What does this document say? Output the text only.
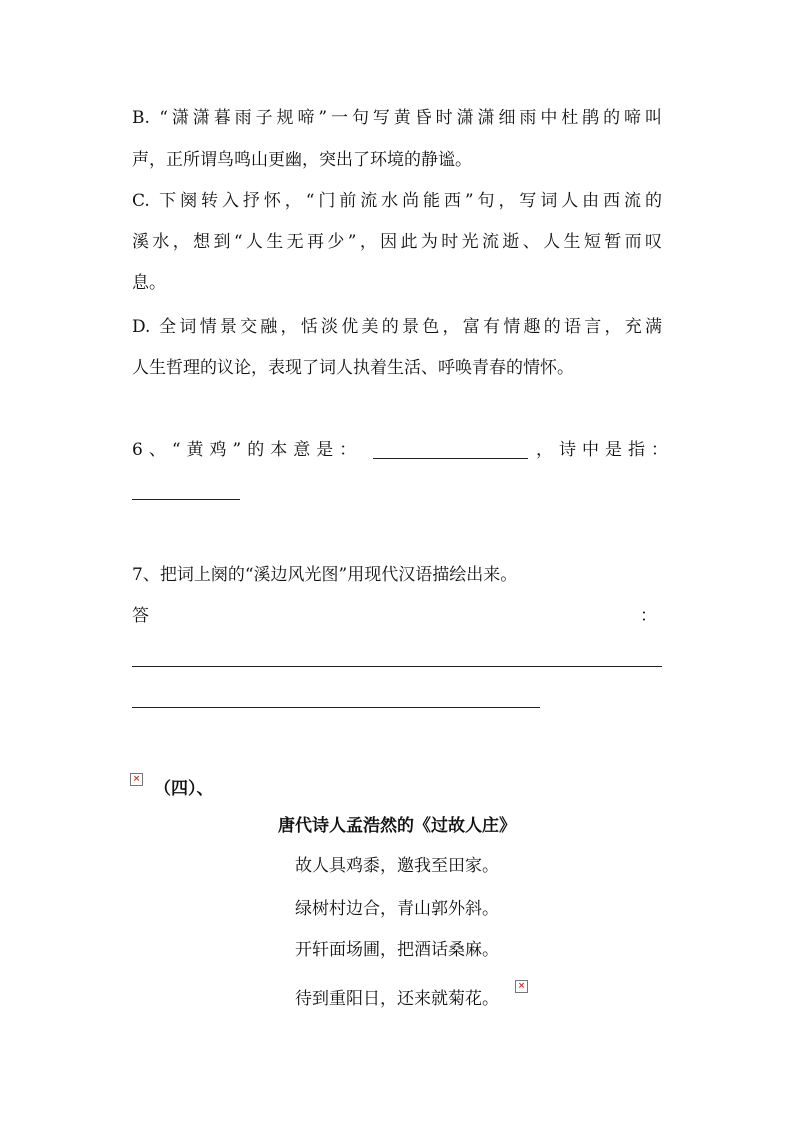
B. “潇潇暮雨子规啼”一句写黄昏时潇潇细雨中杜鹃的啼叫
声，正所谓鸟鸣山更幽，突出了环境的静谧。
C. 下阕转入抒怀，“门前流水尚能西”句，写词人由西流的
溪水，想到“人生无再少”，因此为时光流逝、人生短暂而叹
息。
D. 全词情景交融，恬淡优美的景色，富有情趣的语言，充满
人生哲理的议论，表现了词人执着生活、呼唤青春的情怀。
6、“黄鸡”的本意是：	，诗中是指：
7、把词上阕的“溪边风光图”用现代汉语描绘出来。
答	：
× （四）、
唐代诗人孟浩然的《过故人庄》
故人具鸡黍，邀我至田家。
绿树村边合，青山郭外斜。
开轩面场圃，把酒话桑麻。
待到重阳日，还来就菊花。
×
